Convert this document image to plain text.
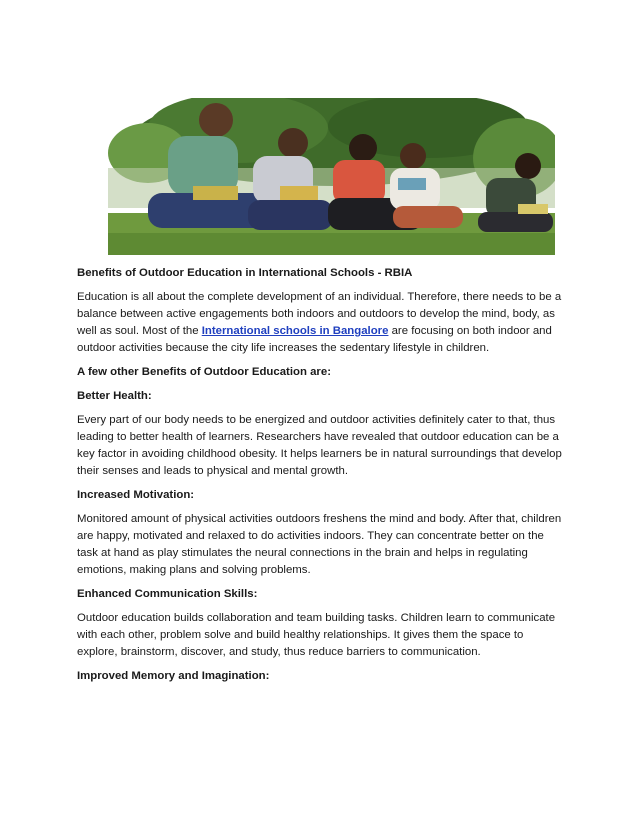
Benefits of Outdoor Education in International Schools - RBIA

Education is all about the complete development of an individual. Therefore, there needs to be a balance between active engagements both indoors and outdoors to develop the mind, body, as well as soul. Most of the International schools in Bangalore are focusing on both indoor and outdoor activities because the city life increases the sedentary lifestyle in children.

A few other Benefits of Outdoor Education are:
Better Health:

Every part of our body needs to be energized and outdoor activities definitely cater to that, thus leading to better health of learners. Researchers have revealed that outdoor education can be a key factor in avoiding childhood obesity. It helps learners be in natural surroundings that develop their senses and leads to physical and mental growth.

Increased Motivation:

Monitored amount of physical activities outdoors freshens the mind and body. After that, children are happy, motivated and relaxed to do activities indoors. They can concentrate better on the task at hand as play stimulates the neural connections in the brain and helps in regulating emotions, making plans and solving problems.

Enhanced Communication Skills:

Outdoor education builds collaboration and team building tasks. Children learn to communicate with each other, problem solve and build healthy relationships. It gives them the space to explore, brainstorm, discover, and study, thus reduce barriers to communication.

Improved Memory and Imagination:
